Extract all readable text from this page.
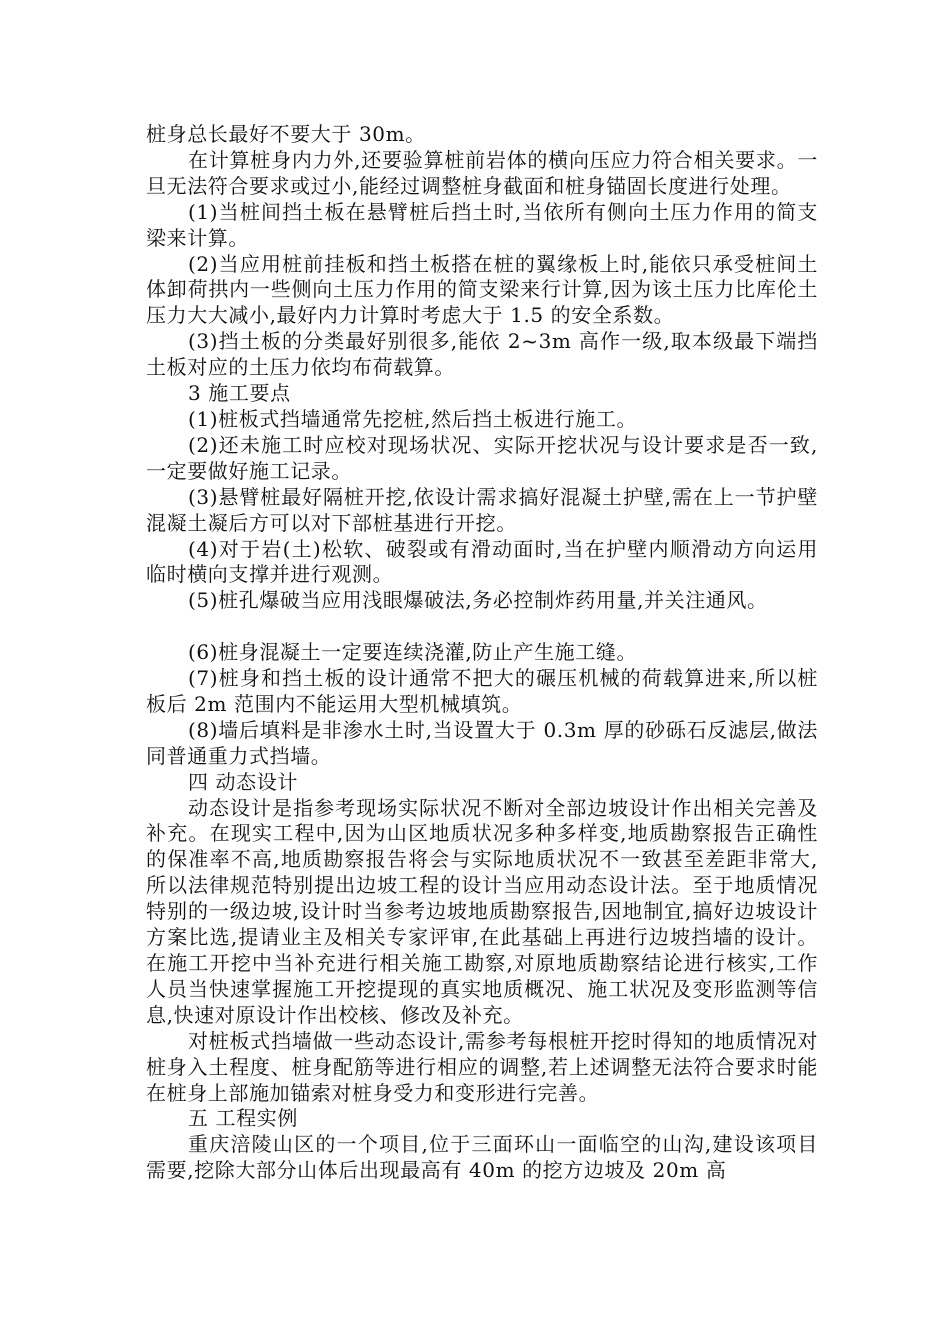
桩身总长最好不要大于 30m。

在计算桩身内力外,还要验算桩前岩体的横向压应力符合相关要求。一旦无法符合要求或过小,能经过调整桩身截面和桩身锚固长度进行处理。

(1)当桩间挡土板在悬臂桩后挡土时,当依所有侧向土压力作用的简支梁来计算。

(2)当应用桩前挂板和挡土板搭在桩的翼缘板上时,能依只承受桩间土体卸荷拱内一些侧向土压力作用的简支梁来行计算,因为该土压力比库伦土压力大大减小,最好内力计算时考虑大于 1.5 的安全系数。

(3)挡土板的分类最好别很多,能依 2~3m 高作一级,取本级最下端挡土板对应的土压力依均布荷载算。

3 施工要点

(1)桩板式挡墙通常先挖桩,然后挡土板进行施工。

(2)还未施工时应校对现场状况、实际开挖状况与设计要求是否一致,一定要做好施工记录。

(3)悬臂桩最好隔桩开挖,依设计需求搞好混凝土护壁,需在上一节护壁混凝土凝后方可以对下部桩基进行开挖。

(4)对于岩(土)松软、破裂或有滑动面时,当在护壁内顺滑动方向运用临时横向支撑并进行观测。

(5)桩孔爆破当应用浅眼爆破法,务必控制炸药用量,并关注通风。

(6)桩身混凝土一定要连续浇灌,防止产生施工缝。

(7)桩身和挡土板的设计通常不把大的碾压机械的荷载算进来,所以桩板后 2m 范围内不能运用大型机械填筑。

(8)墙后填料是非渗水土时,当设置大于 0.3m 厚的砂砾石反滤层,做法同普通重力式挡墙。

四 动态设计

动态设计是指参考现场实际状况不断对全部边坡设计作出相关完善及补充。在现实工程中,因为山区地质状况多种多样变,地质勘察报告正确性的保准率不高,地质勘察报告将会与实际地质状况不一致甚至差距非常大,所以法律规范特别提出边坡工程的设计当应用动态设计法。至于地质情况特别的一级边坡,设计时当参考边坡地质勘察报告,因地制宜,搞好边坡设计方案比选,提请业主及相关专家评审,在此基础上再进行边坡挡墙的设计。在施工开挖中当补充进行相关施工勘察,对原地质勘察结论进行核实,工作人员当快速掌握施工开挖提现的真实地质概况、施工状况及变形监测等信息,快速对原设计作出校核、修改及补充。

对桩板式挡墙做一些动态设计,需参考每根桩开挖时得知的地质情况对桩身入土程度、桩身配筋等进行相应的调整,若上述调整无法符合要求时能在桩身上部施加锚索对桩身受力和变形进行完善。

五 工程实例

重庆涪陵山区的一个项目,位于三面环山一面临空的山沟,建设该项目需要,挖除大部分山体后出现最高有 40m 的挖方边坡及 20m 高
